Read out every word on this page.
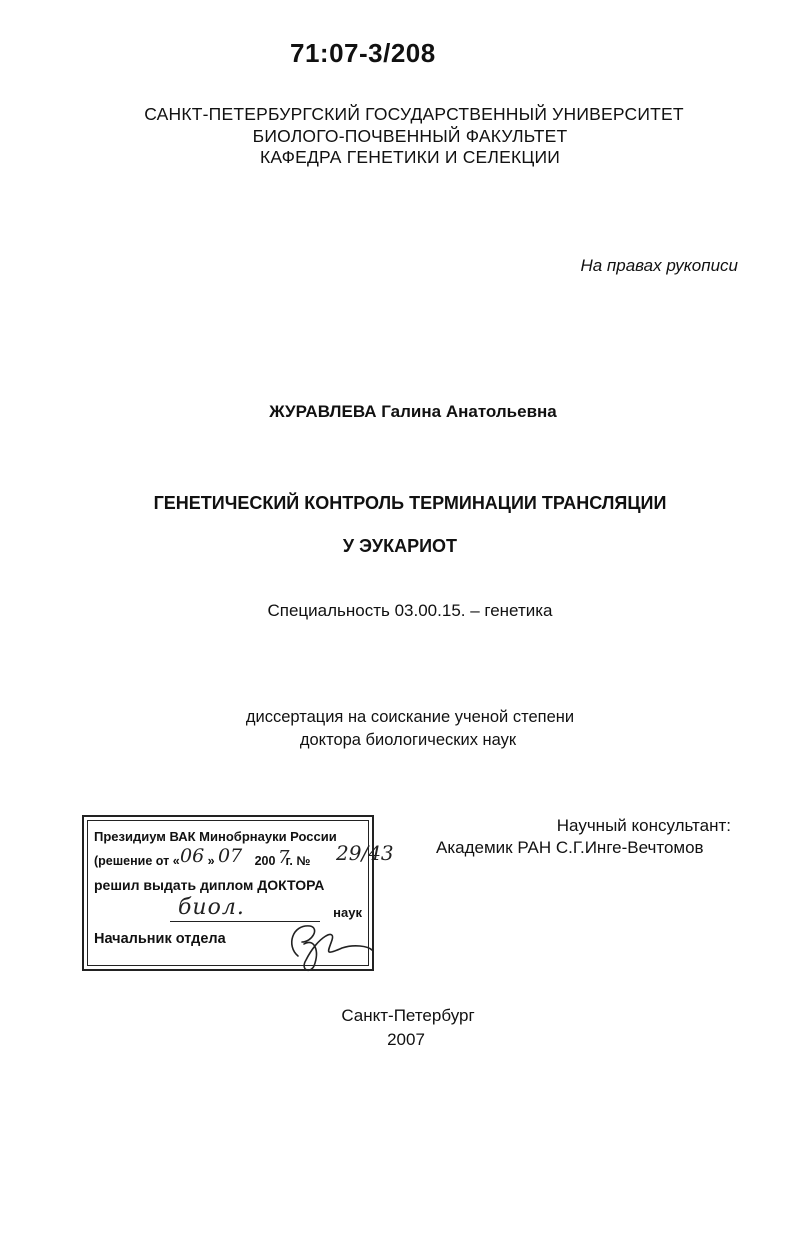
71:07-3/208
САНКТ-ПЕТЕРБУРГСКИЙ ГОСУДАРСТВЕННЫЙ УНИВЕРСИТЕТ
БИОЛОГО-ПОЧВЕННЫЙ ФАКУЛЬТЕТ
КАФЕДРА ГЕНЕТИКИ И СЕЛЕКЦИИ
На правах рукописи
ЖУРАВЛЕВА Галина Анатольевна
ГЕНЕТИЧЕСКИЙ КОНТРОЛЬ ТЕРМИНАЦИИ ТРАНСЛЯЦИИ
У ЭУКАРИОТ
Специальность 03.00.15. – генетика
диссертация на соискание ученой степени
доктора биологических наук
Президиум ВАК Минобрнауки России
(решение от « »	200 г. №
06 07 7 29/43
решил выдать диплом ДОКТОРА
биол.	наук
Начальник отдела
Научный консультант:
Академик РАН С.Г.Инге-Вечтомов
Санкт-Петербург
2007
